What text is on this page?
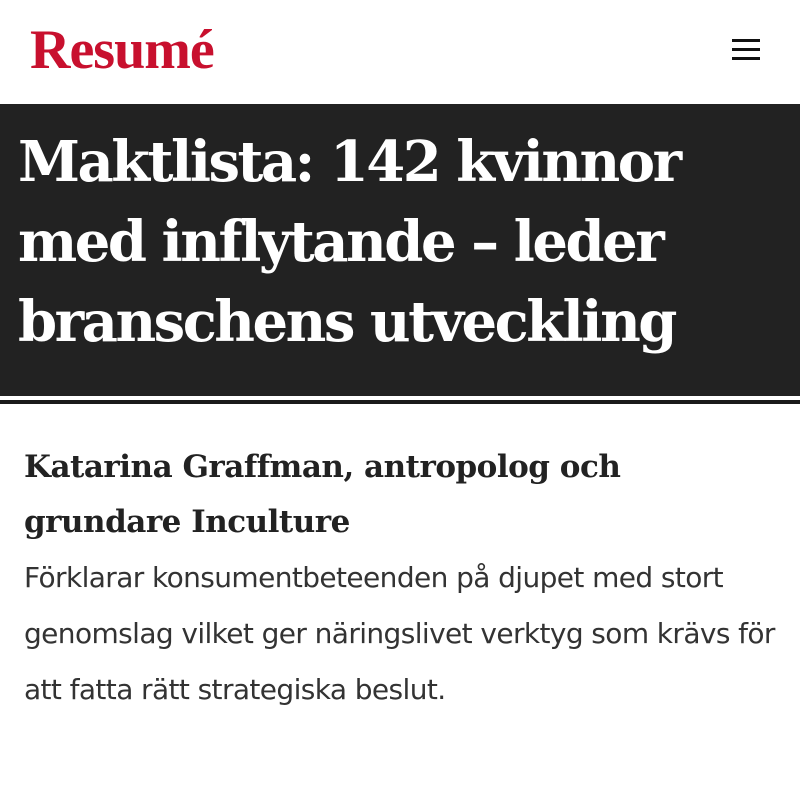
Resumé
Maktlista: 142 kvinnor med inflytande – leder branschens utveckling

Katarina Graffman, antropolog och grundare Inculture

Förklarar konsumentbeteenden på djupet med stort genomslag vilket ger näringslivet verktyg som krävs för att fatta rätt strategiska beslut.
